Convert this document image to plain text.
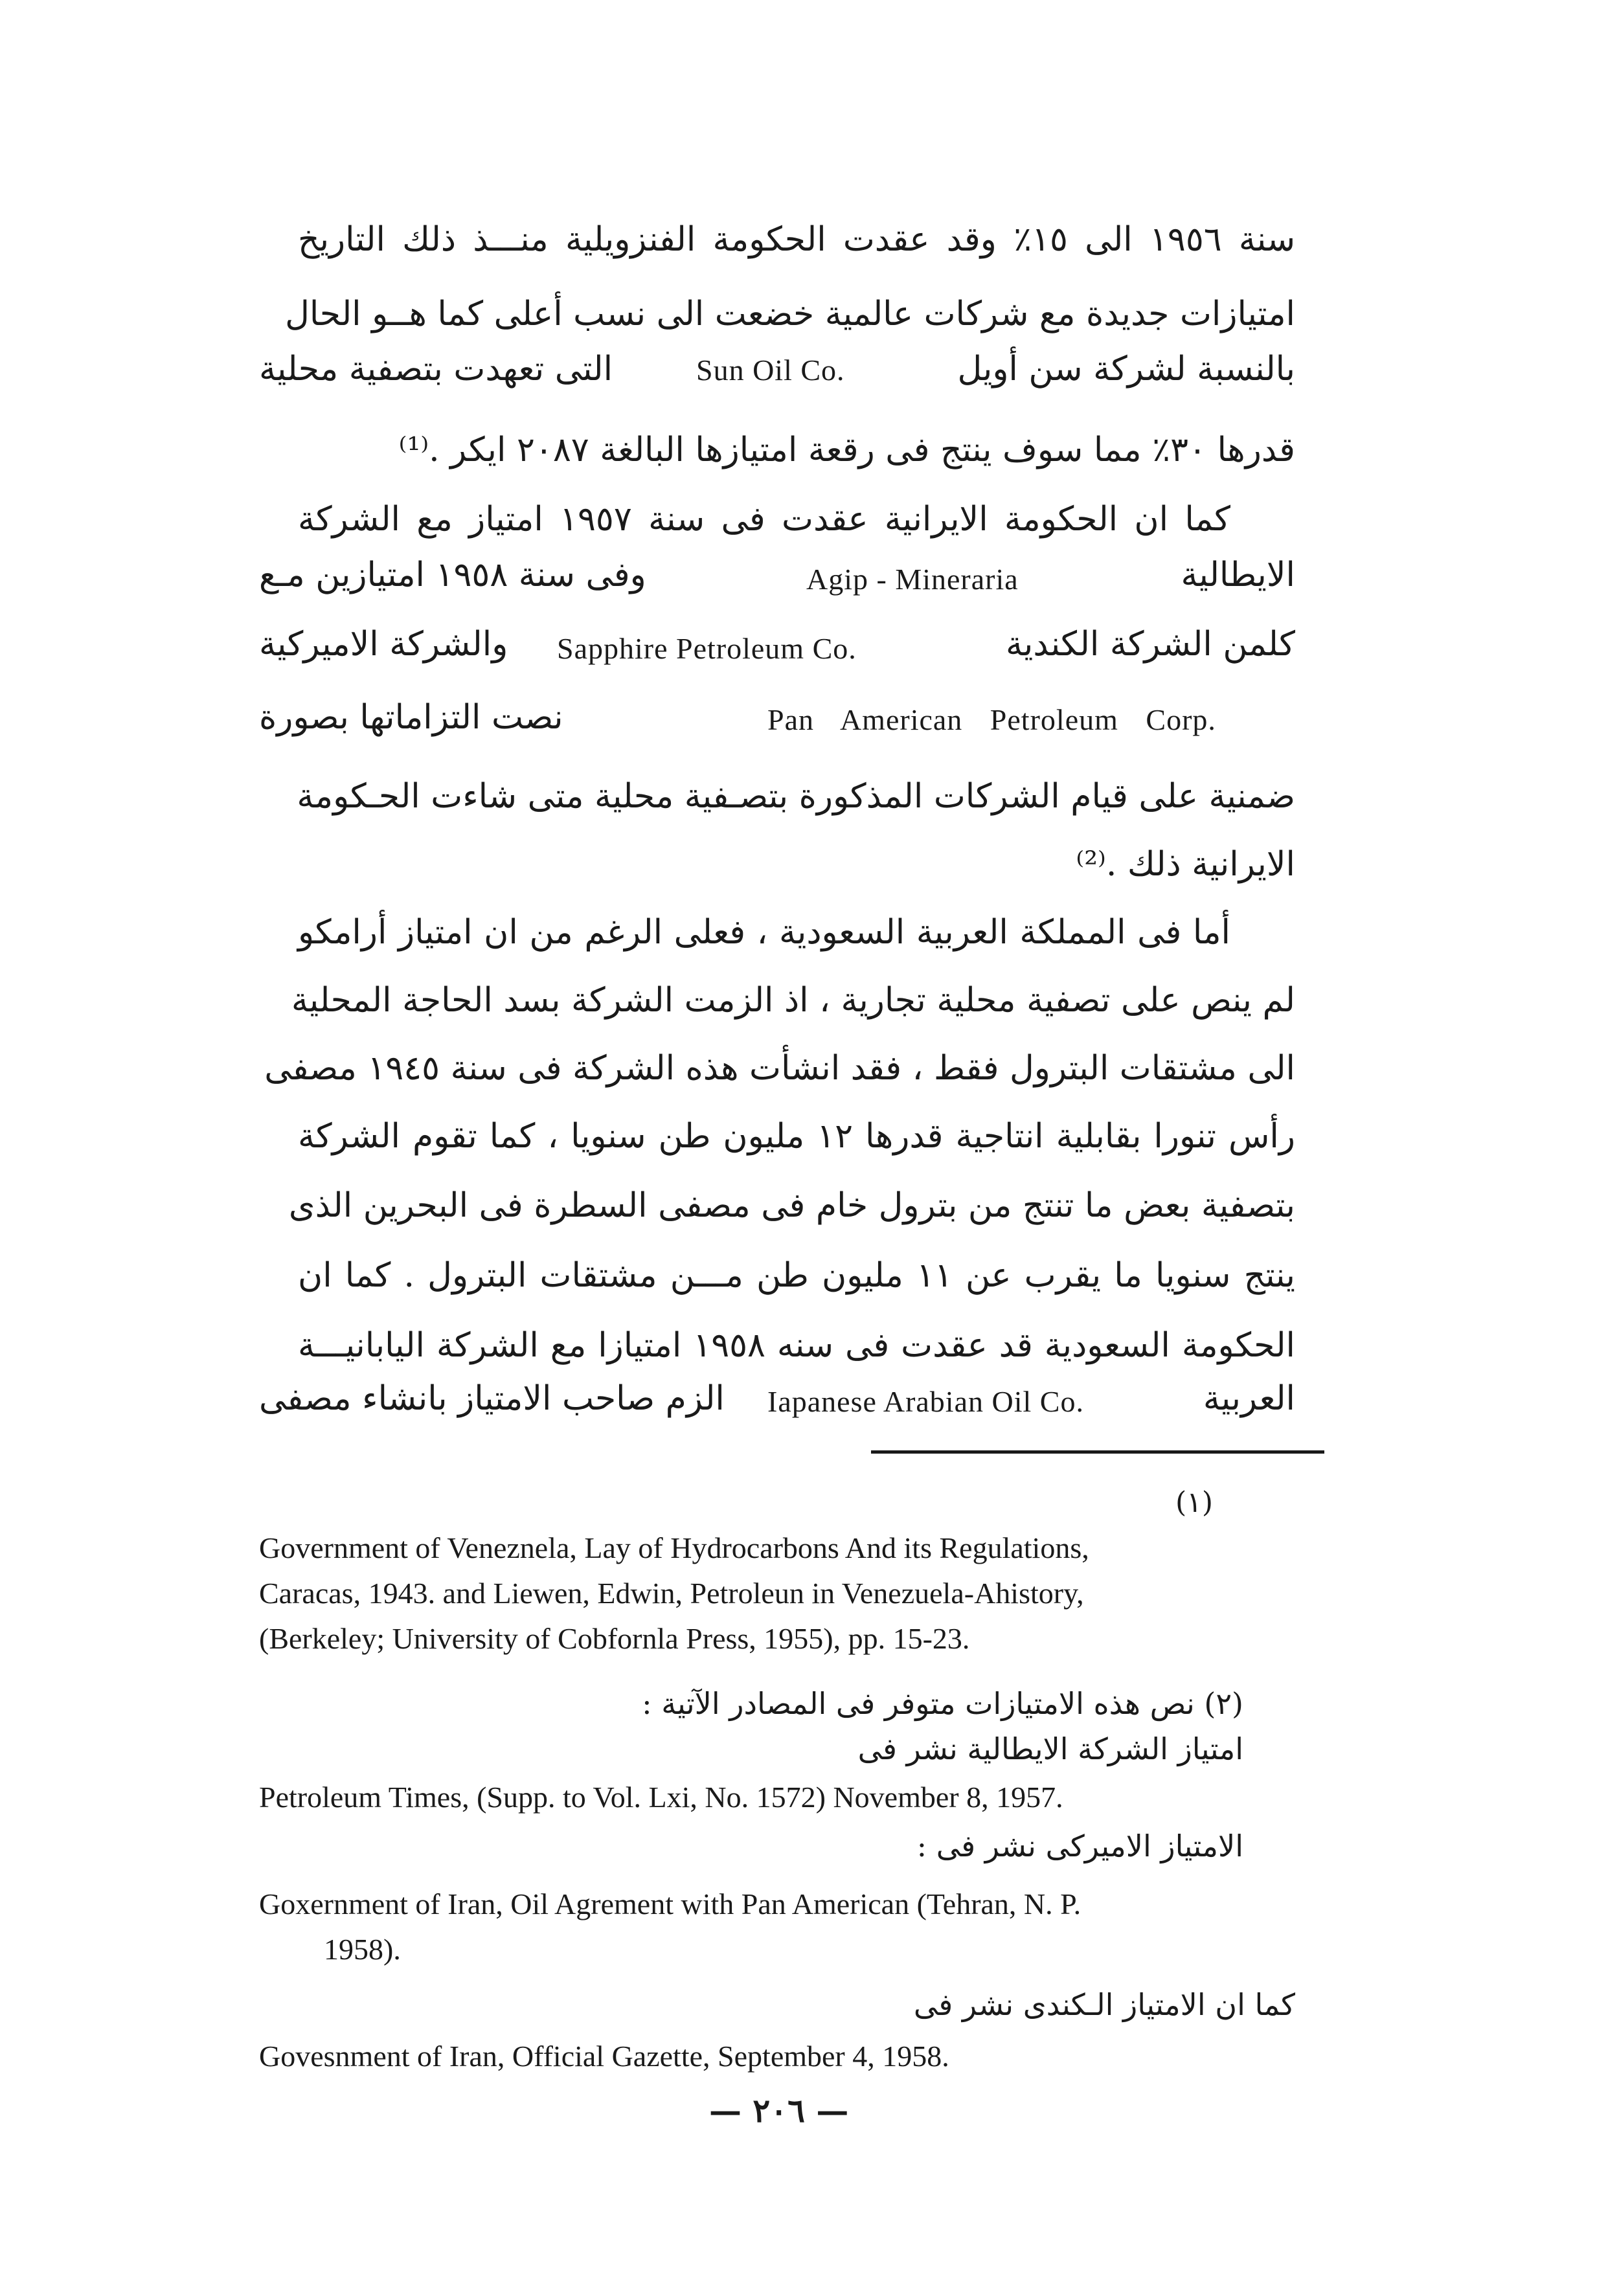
سنة ١٩٥٦ الى ١٥٪ وقد عقدت الحكومة الفنزويلية منـــذ ذلك التاريخ
امتيازات جديدة مع شركات عالمية خضعت الى نسب أعلى كما هــو الحال
بالنسبة لشركة سن أويل
Sun Oil Co.
التى تعهدت بتصفية محلية
قدرها ٣٠٪ مما سوف ينتج فى رقعة امتيازها البالغة ٢٠٨٧ ايكر .⁽¹⁾
كما ان الحكومة الايرانية عقدت فى سنة ١٩٥٧ امتياز مع الشركة
الايطالية
Agip - Mineraria
وفى سنة ١٩٥٨ امتيازين مـع
كلمن الشركة الكندية
Sapphire Petroleum Co.
والشركة الاميركية
Pan American Petroleum Corp.
نصت التزاماتها بصورة
ضمنية على قيام الشركات المذكورة بتصـفية محلية متى شاءت الحـكومة
الايرانية ذلك .⁽²⁾
أما فى المملكة العربية السعودية ، فعلى الرغم من ان امتياز أرامكو
لم ينص على تصفية محلية تجارية ، اذ الزمت الشركة بسد الحاجة المحلية
الى مشتقات البترول فقط ، فقد انشأت هذه الشركة فى سنة ١٩٤٥ مصفى
رأس تنورا بقابلية انتاجية قدرها ١٢ مليون طن سنويا ، كما تقوم الشركة
بتصفية بعض ما تنتج من بترول خام فى مصفى السطرة فى البحرين الذى
ينتج سنويا ما يقرب عن ١١ مليون طن مـــن مشتقات البترول . كما ان
الحكومة السعودية قد عقدت فى سنه ١٩٥٨ امتيازا مع الشركة اليابانيـــة
العربية
Iapanese Arabian Oil Co.
الزم صاحب الامتياز بانشاء مصفى
(١)
Government of Veneznela, Lay of Hydrocarbons And its Regulations,
Caracas, 1943. and Liewen, Edwin, Petroleun in Venezuela-Ahistory,
(Berkeley; University of Cobfornla Press, 1955), pp. 15-23.
(٢) نص هذه الامتيازات متوفر فى المصادر الآتية :
امتياز الشركة الايطالية نشر فى
Petroleum Times, (Supp. to Vol. Lxi, No. 1572) November 8, 1957.
الامتياز الاميركى نشر فى :
Goxernment of Iran, Oil Agrement with Pan American (Tehran, N. P.
1958).
كما ان الامتياز الـكندى نشر فى
Govesnment of Iran, Official Gazette, September 4, 1958.
— ٢٠٦ —
